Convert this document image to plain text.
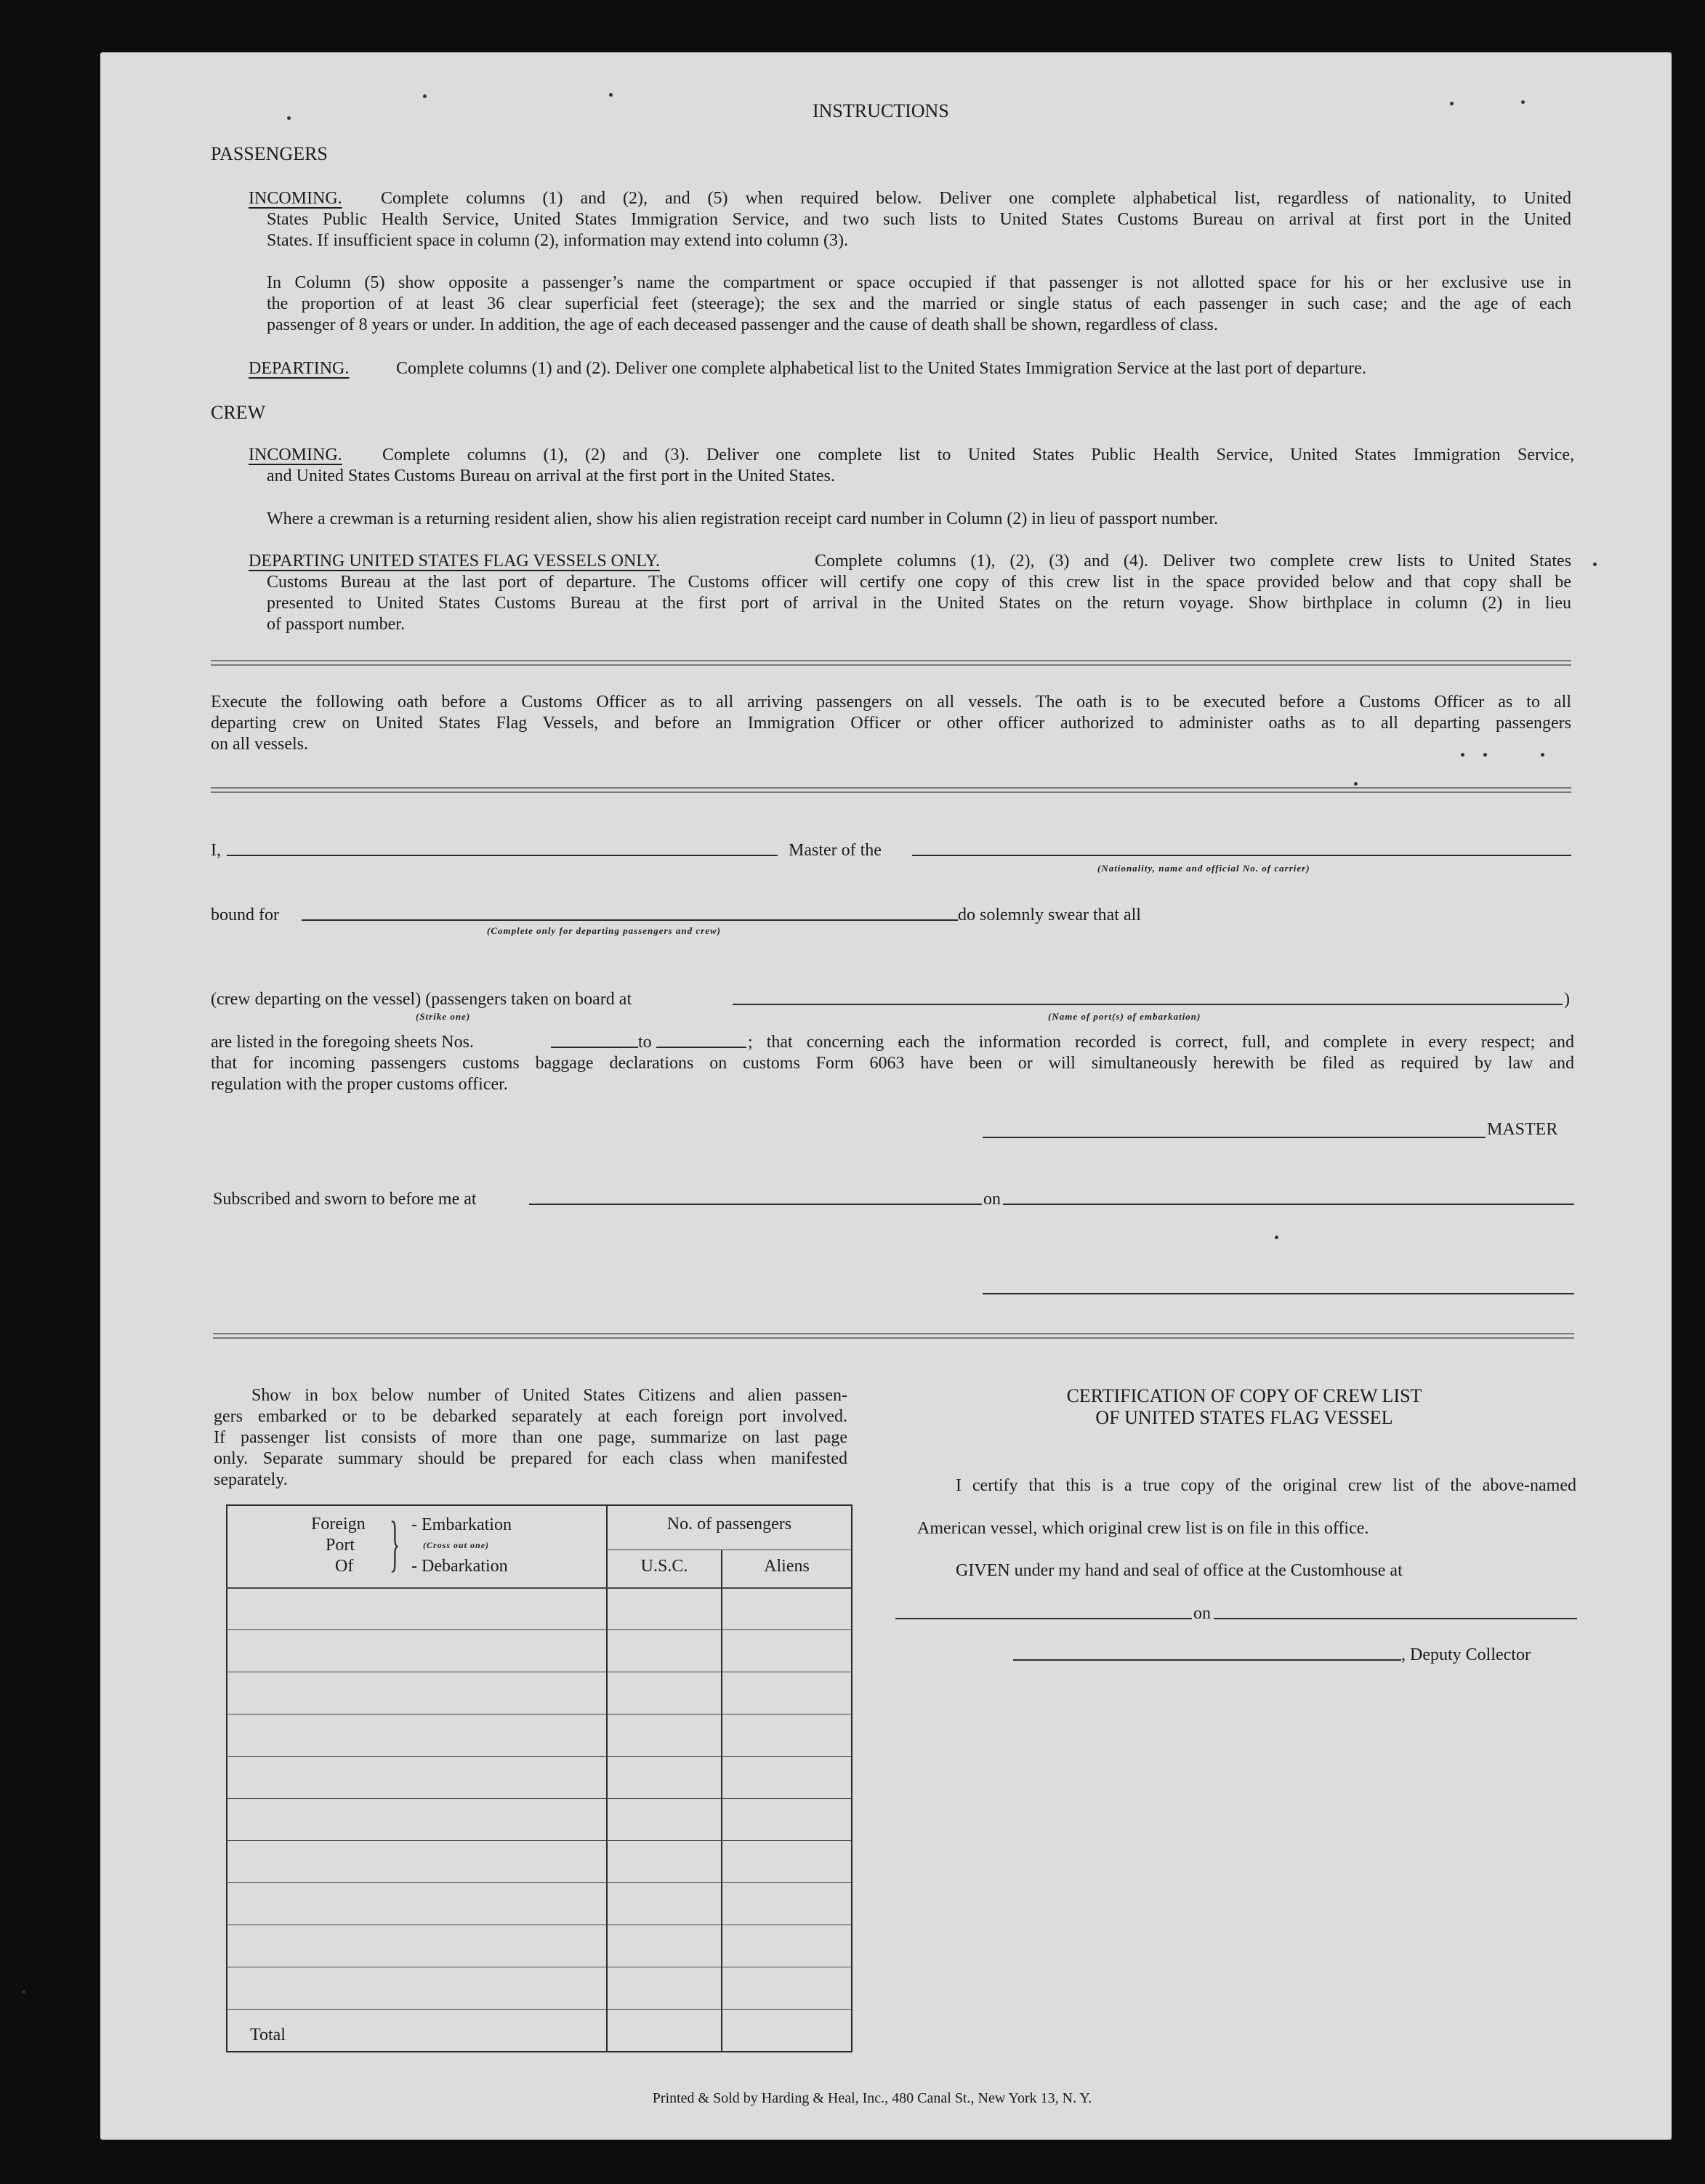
INSTRUCTIONS
PASSENGERS
INCOMING. Complete columns (1) and (2), and (5) when required below. Deliver one complete alphabetical list, regardless of nationality, to United
States Public Health Service, United States Immigration Service, and two such lists to United States Customs Bureau on arrival at first port in the United
States. If insufficient space in column (2), information may extend into column (3).
In Column (5) show opposite a passenger’s name the compartment or space occupied if that passenger is not allotted space for his or her exclusive use in
the proportion of at least 36 clear superficial feet (steerage); the sex and the married or single status of each passenger in such case; and the age of each
passenger of 8 years or under. In addition, the age of each deceased passenger and the cause of death shall be shown, regardless of class.
DEPARTING.	Complete columns (1) and (2). Deliver one complete alphabetical list to the United States Immigration Service at the last port of departure.
CREW
INCOMING. Complete columns (1), (2) and (3). Deliver one complete list to United States Public Health Service, United States Immigration Service,
and United States Customs Bureau on arrival at the first port in the United States.
Where a crewman is a returning resident alien, show his alien registration receipt card number in Column (2) in lieu of passport number.
DEPARTING UNITED STATES FLAG VESSELS ONLY.	Complete columns (1), (2), (3) and (4). Deliver two complete crew lists to United States
Customs Bureau at the last port of departure. The Customs officer will certify one copy of this crew list in the space provided below and that copy shall be
presented to United States Customs Bureau at the first port of arrival in the United States on the return voyage. Show birthplace in column (2) in lieu
of passport number.
Execute the following oath before a Customs Officer as to all arriving passengers on all vessels. The oath is to be executed before a Customs Officer as to all
departing crew on United States Flag Vessels, and before an Immigration Officer or other officer authorized to administer oaths as to all departing passengers
on all vessels.
I,	Master of the
(Nationality, name and official No. of carrier)
bound for
(Complete only for departing passengers and crew)
do solemnly swear that all
(crew departing on the vessel) (passengers taken on board at	)
(Strike one)	(Name of port(s) of embarkation)
are listed in the foregoing sheets Nos.	to	; that concerning each the information recorded is correct, full, and complete in every respect; and
that for incoming passengers customs baggage declarations on customs Form 6063 have been or will simultaneously herewith be filed as required by law and
regulation with the proper customs officer.
MASTER
Subscribed and sworn to before me at	on
Show in box below number of United States Citizens and alien passen-
gers embarked or to be debarked separately at each foreign port involved.
If passenger list consists of more than one page, summarize on last page
only. Separate summary should be prepared for each class when manifested
separately.
Foreign
Port
Of } - Embarkation
(Cross out one)
- Debarkation
No. of passengers
U.S.C.	Aliens
Total
CERTIFICATION OF COPY OF CREW LIST
OF UNITED STATES FLAG VESSEL
I certify that this is a true copy of the original crew list of the above-named
American vessel, which original crew list is on file in this office.
GIVEN under my hand and seal of office at the Customhouse at
on
, Deputy Collector
Printed & Sold by Harding & Heal, Inc., 480 Canal St., New York 13, N. Y.
